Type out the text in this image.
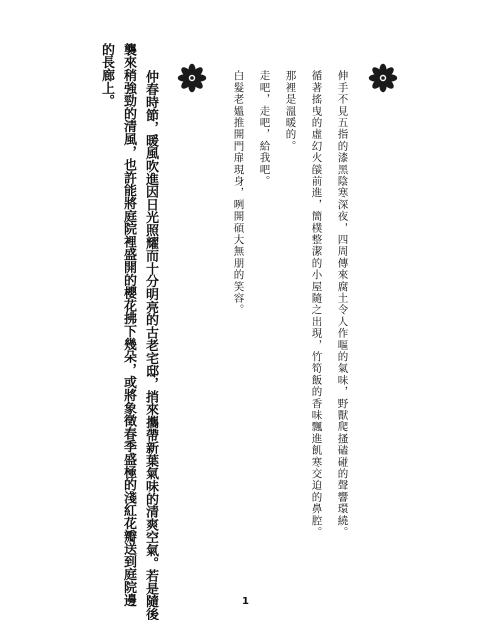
伸手不見五指的漆黑陰寒深夜，四周傳來腐土令人作嘔的氣味，野獸爬搔磕碰的聲響環繞。
循著搖曳的虛幻火燄前進，簡樸整潔的小屋隨之出現，竹筍飯的香味飄進飢寒交迫的鼻腔。
那裡是溫暖的。
走吧，走吧，給我吧。
白髮老媼推開門扉現身，咧開碩大無朋的笑容。
仲春時節，暖風吹進因日光照耀而十分明亮的古老宅邸，捎來攜帶新葉氣味的清爽空氣。若是隨後
襲來稍強勁的清風，也許能將庭院裡盛開的櫻花拂下幾朵，或將象徵春季盛極的淺紅花瓣送到庭院邊
的長廊上。
1
